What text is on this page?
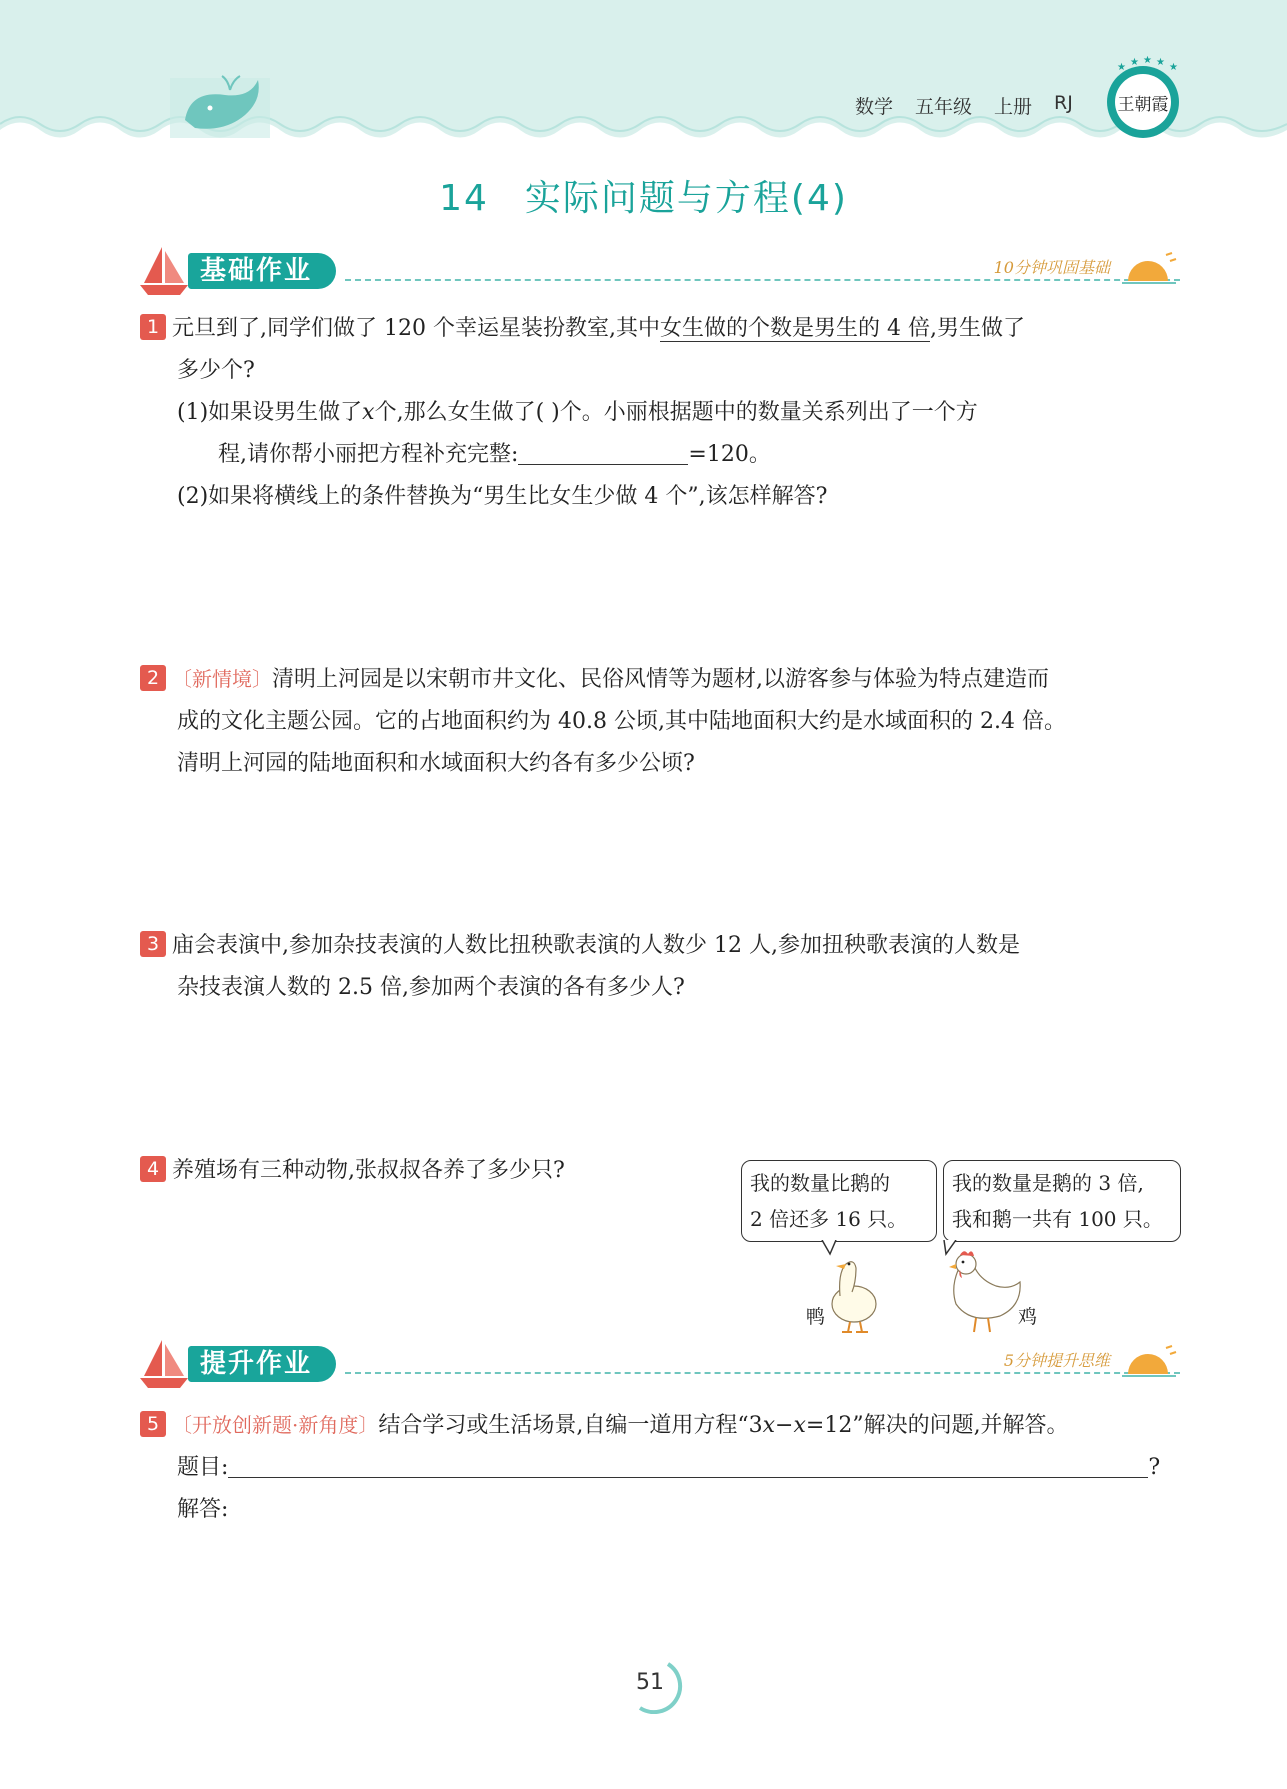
数学 五年级 上册 RJ	王朝霞
★ ★ ★ ★ ★
14 实际问题与方程(4)
基础作业	10分钟巩固基础
1 元旦到了,同学们做了 120 个幸运星装扮教室,其中女生做的个数是男生的 4 倍,男生做了
多少个?
(1)如果设男生做了x个,那么女生做了( )个。小丽根据题中的数量关系列出了一个方
程,请你帮小丽把方程补充完整:	=120。
(2)如果将横线上的条件替换为“男生比女生少做 4 个”,该怎样解答?
2 〔新情境〕清明上河园是以宋朝市井文化、民俗风情等为题材,以游客参与体验为特点建造而
成的文化主题公园。它的占地面积约为 40.8 公顷,其中陆地面积大约是水域面积的 2.4 倍。
清明上河园的陆地面积和水域面积大约各有多少公顷?
3 庙会表演中,参加杂技表演的人数比扭秧歌表演的人数少 12 人,参加扭秧歌表演的人数是
杂技表演人数的 2.5 倍,参加两个表演的各有多少人?
4 养殖场有三种动物,张叔叔各养了多少只?	我的数量比鹅的
2 倍还多 16 只。
我的数量是鹅的 3 倍,
我和鹅一共有 100 只。
鸭	鸡
提升作业	5分钟提升思维
5 〔开放创新题·新角度〕结合学习或生活场景,自编一道用方程“3x−x=12”解决的问题,并解答。
题目:	?
解答:
51
